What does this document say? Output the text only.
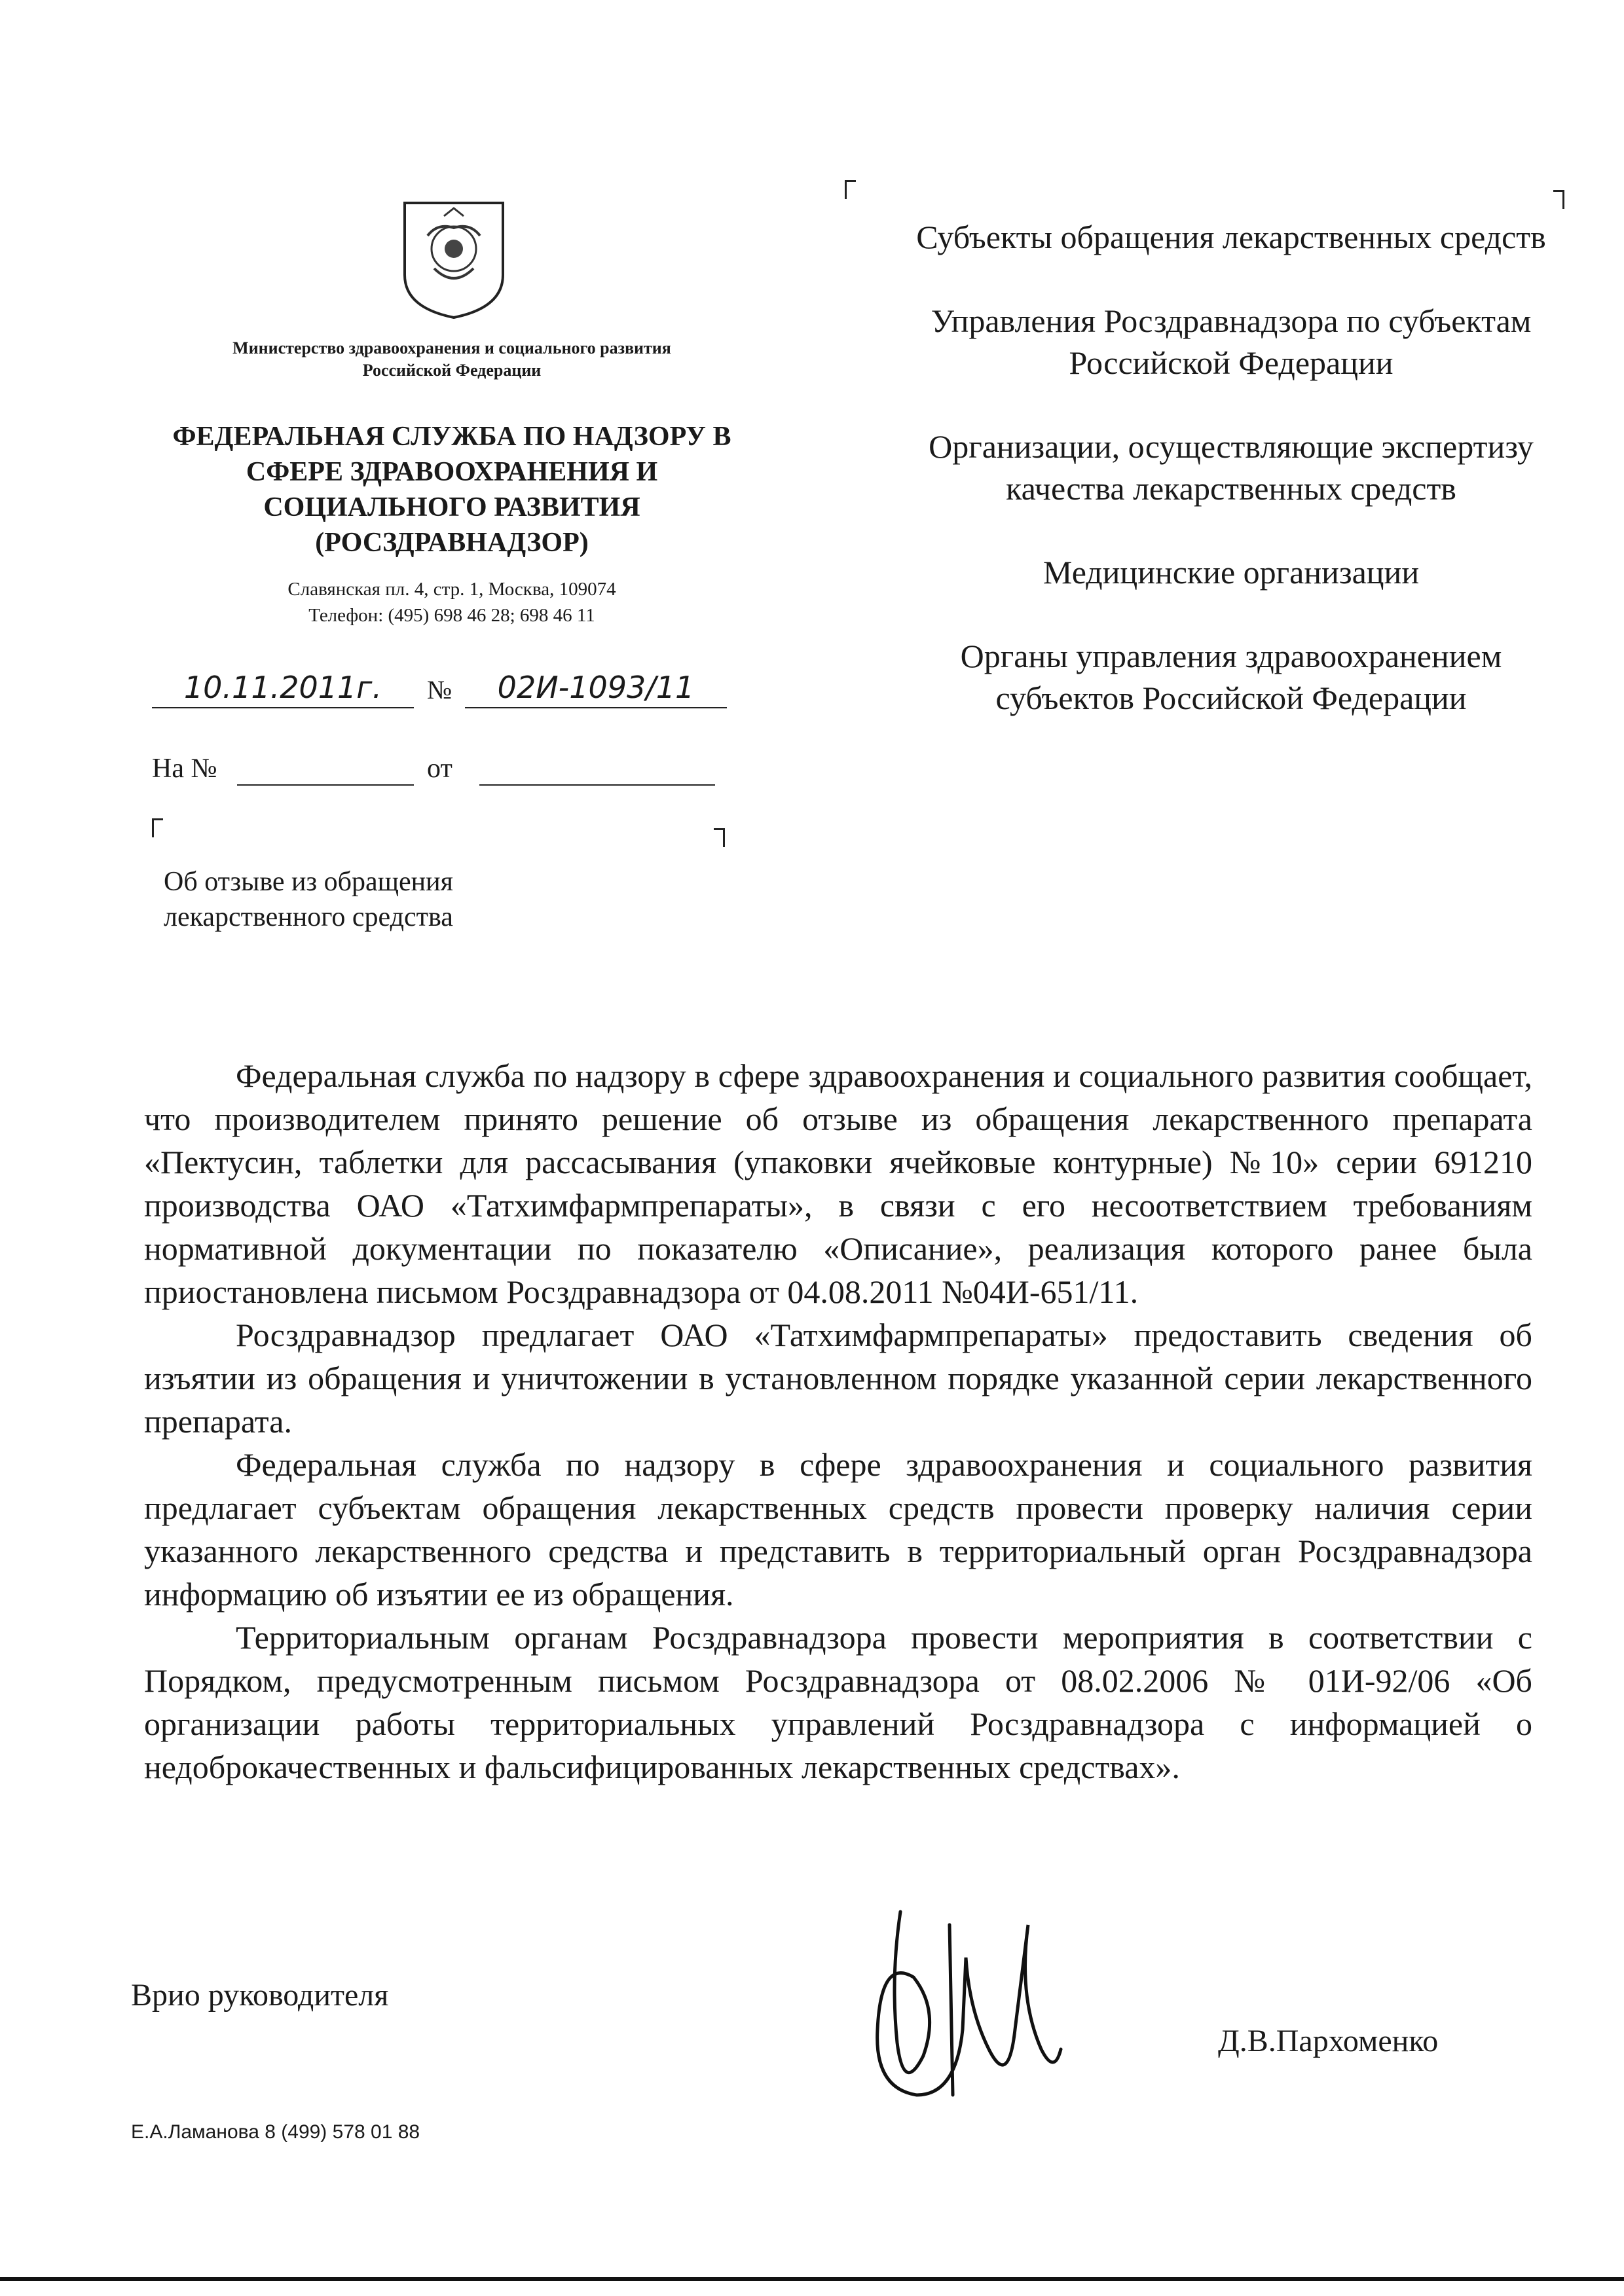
Министерство здравоохранения и социального развития Российской Федерации
ФЕДЕРАЛЬНАЯ СЛУЖБА ПО НАДЗОРУ В СФЕРЕ ЗДРАВООХРАНЕНИЯ И СОЦИАЛЬНОГО РАЗВИТИЯ (РОСЗДРАВНАДЗОР)
Славянская пл. 4, стр. 1, Москва, 109074
Телефон: (495) 698 46 28; 698 46 11
10.11.2011г.	№	02И-1093/11
На №	от
Об отзыве из обращения лекарственного средства

Субъекты обращения лекарственных средств

Управления Росздравнадзора по субъектам Российской Федерации

Организации, осуществляющие экспертизу качества лекарственных средств

Медицинские организации

Органы управления здравоохранением субъектов Российской Федерации

Федеральная служба по надзору в сфере здравоохранения и социального развития сообщает, что производителем принято решение об отзыве из обращения лекарственного препарата «Пектусин, таблетки для рассасывания (упаковки ячейковые контурные) №10» серии 691210 производства ОАО «Татхимфармпрепараты», в связи с его несоответствием требованиям нормативной документации по показателю «Описание», реализация которого ранее была приостановлена письмом Росздравнадзора от 04.08.2011 №04И-651/11.

Росздравнадзор предлагает ОАО «Татхимфармпрепараты» предоставить сведения об изъятии из обращения и уничтожении в установленном порядке указанной серии лекарственного препарата.

Федеральная служба по надзору в сфере здравоохранения и социального развития предлагает субъектам обращения лекарственных средств провести проверку наличия серии указанного лекарственного средства и представить в территориальный орган Росздравнадзора информацию об изъятии ее из обращения.

Территориальным органам Росздравнадзора провести мероприятия в соответствии с Порядком, предусмотренным письмом Росздравнадзора от 08.02.2006 № 01И-92/06 «Об организации работы территориальных управлений Росздравнадзора с информацией о недоброкачественных и фальсифицированных лекарственных средствах».

Врио руководителя
Д.В.Пархоменко
Е.А.Ламанова 8 (499) 578 01 88
